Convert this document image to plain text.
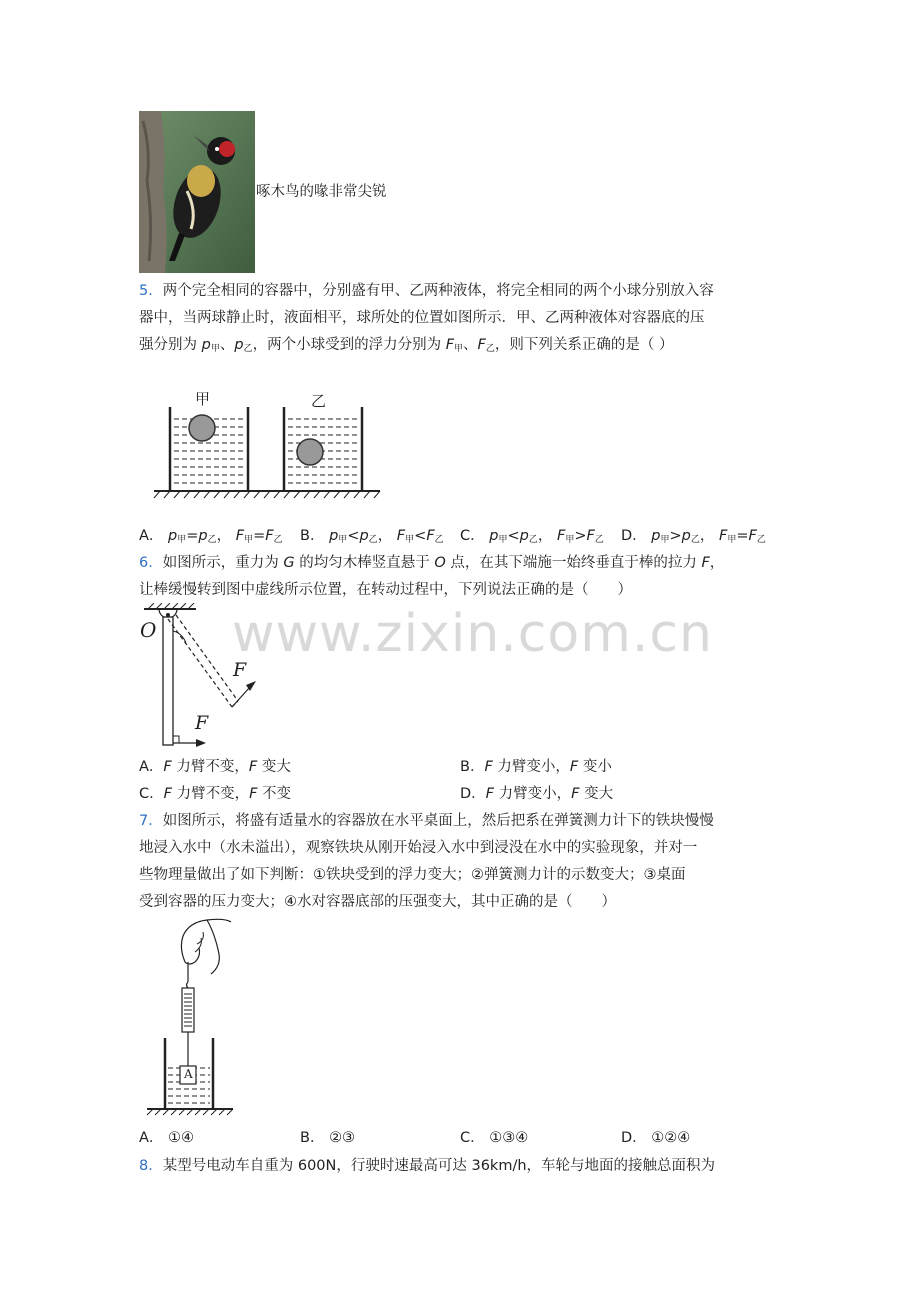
啄木鸟的喙非常尖锐
5．两个完全相同的容器中，分别盛有甲、乙两种液体，将完全相同的两个小球分别放入容
器中，当两球静止时，液面相平，球所处的位置如图所示．甲、乙两种液体对容器底的压
强分别为 $p_甲$、$p_乙$，两个小球受到的浮力分别为 $F_甲$、$F_乙$，则下列关系正确的是（ ）
甲	乙
A． $p_甲=p_乙$， $F_甲=F_乙$ B． $p_甲<p_乙$， $F_甲<F_乙$ C． $p_甲<p_乙$， $F_甲>F_乙$ D． $p_甲>p_乙$， $F_甲=F_乙$
6．如图所示，重力为 G 的均匀木棒竖直悬于 O 点，在其下端施一始终垂直于棒的拉力 F，
让棒缓慢转到图中虚线所示位置，在转动过程中，下列说法正确的是（　　）
www.zixin.com.cn
O
F
F
A．F 力臂不变，F 变大	B．F 力臂变小，F 变小
C．F 力臂不变，F 不变	D．F 力臂变小，F 变大
7．如图所示，将盛有适量水的容器放在水平桌面上，然后把系在弹簧测力计下的铁块慢慢
地浸入水中（水未溢出），观察铁块从刚开始浸入水中到浸没在水中的实验现象，并对一
些物理量做出了如下判断：①铁块受到的浮力变大；②弹簧测力计的示数变大；③桌面
受到容器的压力变大；④水对容器底部的压强变大，其中正确的是（　　）
A
A． ①④	B． ②③	C． ①③④	D． ①②④
8．某型号电动车自重为 600N，行驶时速最高可达 36km/h，车轮与地面的接触总面积为
